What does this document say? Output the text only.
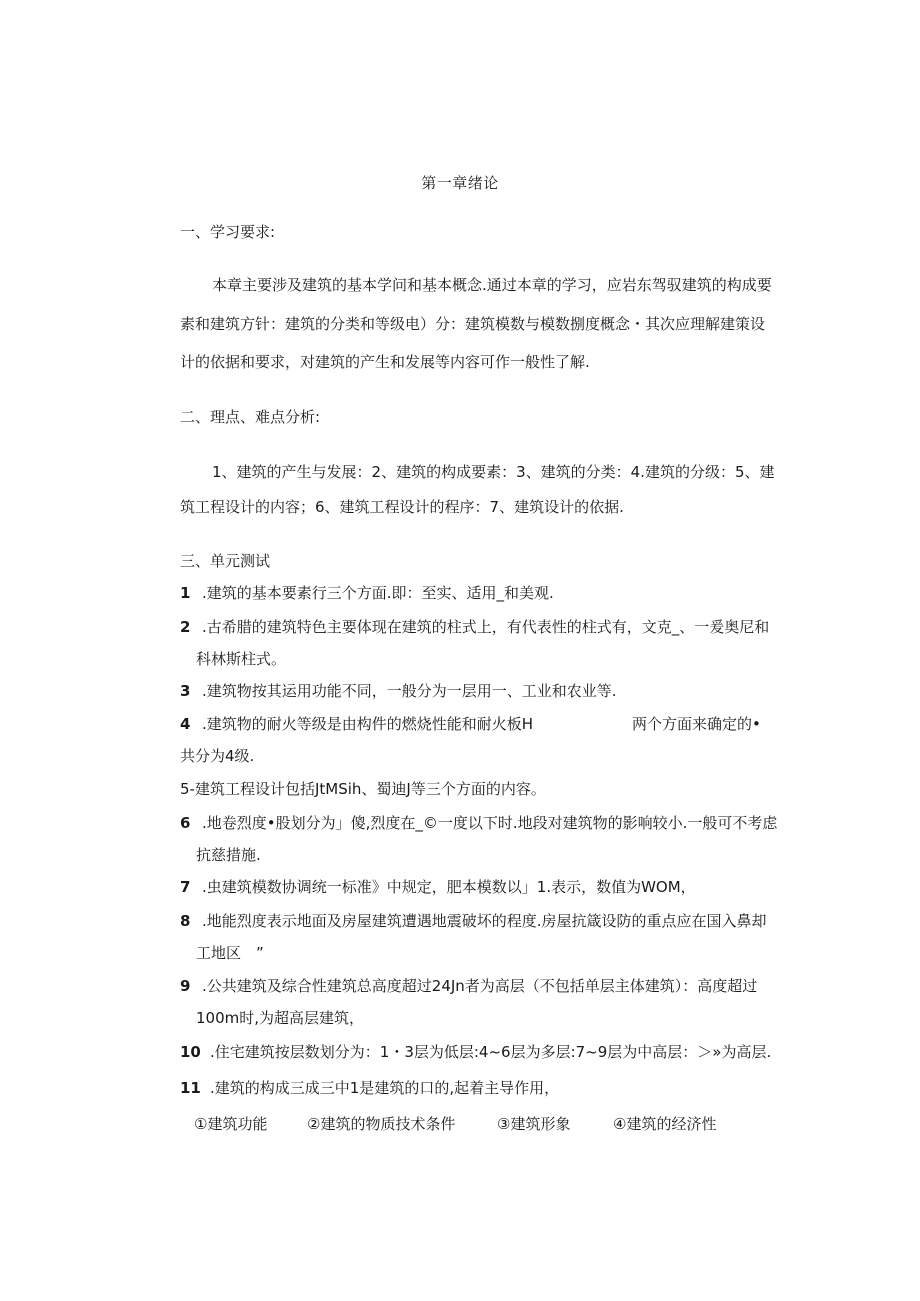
第一章绪论
一、学习要求:
本章主要涉及建筑的基本学问和基本概念.通过本章的学习，应岩东驾驭建筑的构成要
素和建筑方针：建筑的分类和等级电）分：建筑模数与模数捌度概念・其次应理解建策设
计的依据和要求，对建筑的产生和发展等内容可作一般性了解.
二、理点、难点分析:
1、建筑的产生与发展：2、建筑的构成要素：3、建筑的分类：4.建筑的分级：5、建
筑工程设计的内容；6、建筑工程设计的程序：7、建筑设计的依据.
三、单元测试
1 .建筑的基本要素行三个方面.即：至实、适用_和美观.
2 .古希腊的建筑特色主要体现在建筑的柱式上，有代表性的柱式有，文克_、一爰奥尼和
科林斯柱式。
3 .建筑物按其运用功能不同，一般分为一层用一、工业和农业等.
4 .建筑物的耐火等级是由构件的燃烧性能和耐火板H	两个方面来确定的•
共分为4级.
5-建筑工程设计包括JtMSih、蜀迪J等三个方面的内容。
6 .地卷烈度•股划分为」傻,烈度在_©一度以下时.地段对建筑物的影响较小.一般可不考虑
抗慈措施.
7 .虫建筑模数协调统一标准》中规定，肥本模数以」1.表示，数值为WOM，
8 .地能烈度表示地面及房屋建筑遭遇地震破坏的程度.房屋抗箴设防的重点应在国入鼻却
工地区　”
9 .公共建筑及综合性建筑总高度超过24Jn者为高层（不包括单层主体建筑）：高度超过
100m时,为超高层建筑，
10 .住宅建筑按层数划分为：1・3层为低层:4~6层为多层:7~9层为中高层：＞»为高层.
11 .建筑的构成三成三中1是建筑的口的,起着主导作用，
①建筑功能	②建筑的物质技术条件	③建筑形象	④建筑的经济性
